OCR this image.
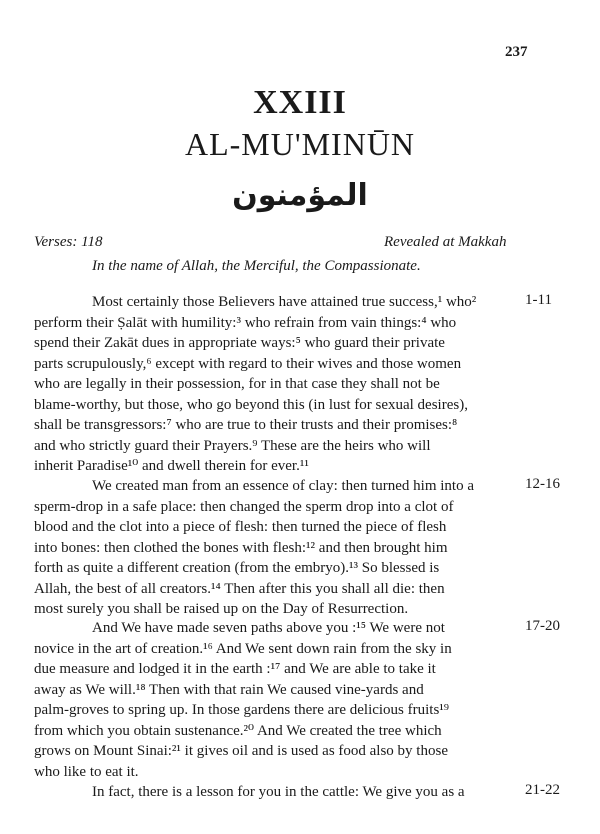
237
XXIII
AL-MU'MINŪN
المؤمنون
Verses: 118	Revealed at Makkah
In the name of Allah, the Merciful, the Compassionate.
Most certainly those Believers have attained true success,¹ who²
perform their Ṣalāt with humility:³ who refrain from vain things:⁴ who
spend their Zakāt dues in appropriate ways:⁵ who guard their private
parts scrupulously,⁶ except with regard to their wives and those women
who are legally in their possession, for in that case they shall not be
blame-worthy, but those, who go beyond this (in lust for sexual desires),
shall be transgressors:⁷ who are true to their trusts and their promises:⁸
and who strictly guard their Prayers.⁹ These are the heirs who will
inherit Paradise¹⁰ and dwell therein for ever.¹¹
1-11
We created man from an essence of clay: then turned him into a
sperm-drop in a safe place: then changed the sperm drop into a clot of
blood and the clot into a piece of flesh: then turned the piece of flesh
into bones: then clothed the bones with flesh:¹² and then brought him
forth as quite a different creation (from the embryo).¹³ So blessed is
Allah, the best of all creators.¹⁴ Then after this you shall all die: then
most surely you shall be raised up on the Day of Resurrection.
12-16
And We have made seven paths above you :¹⁵ We were not
novice in the art of creation.¹⁶ And We sent down rain from the sky in
due measure and lodged it in the earth :¹⁷ and We are able to take it
away as We will.¹⁸ Then with that rain We caused vine-yards and
palm-groves to spring up. In those gardens there are delicious fruits¹⁹
from which you obtain sustenance.²⁰ And We created the tree which
grows on Mount Sinai:²¹ it gives oil and is used as food also by those
who like to eat it.
17-20
In fact, there is a lesson for you in the cattle: We give you as a	21-22
